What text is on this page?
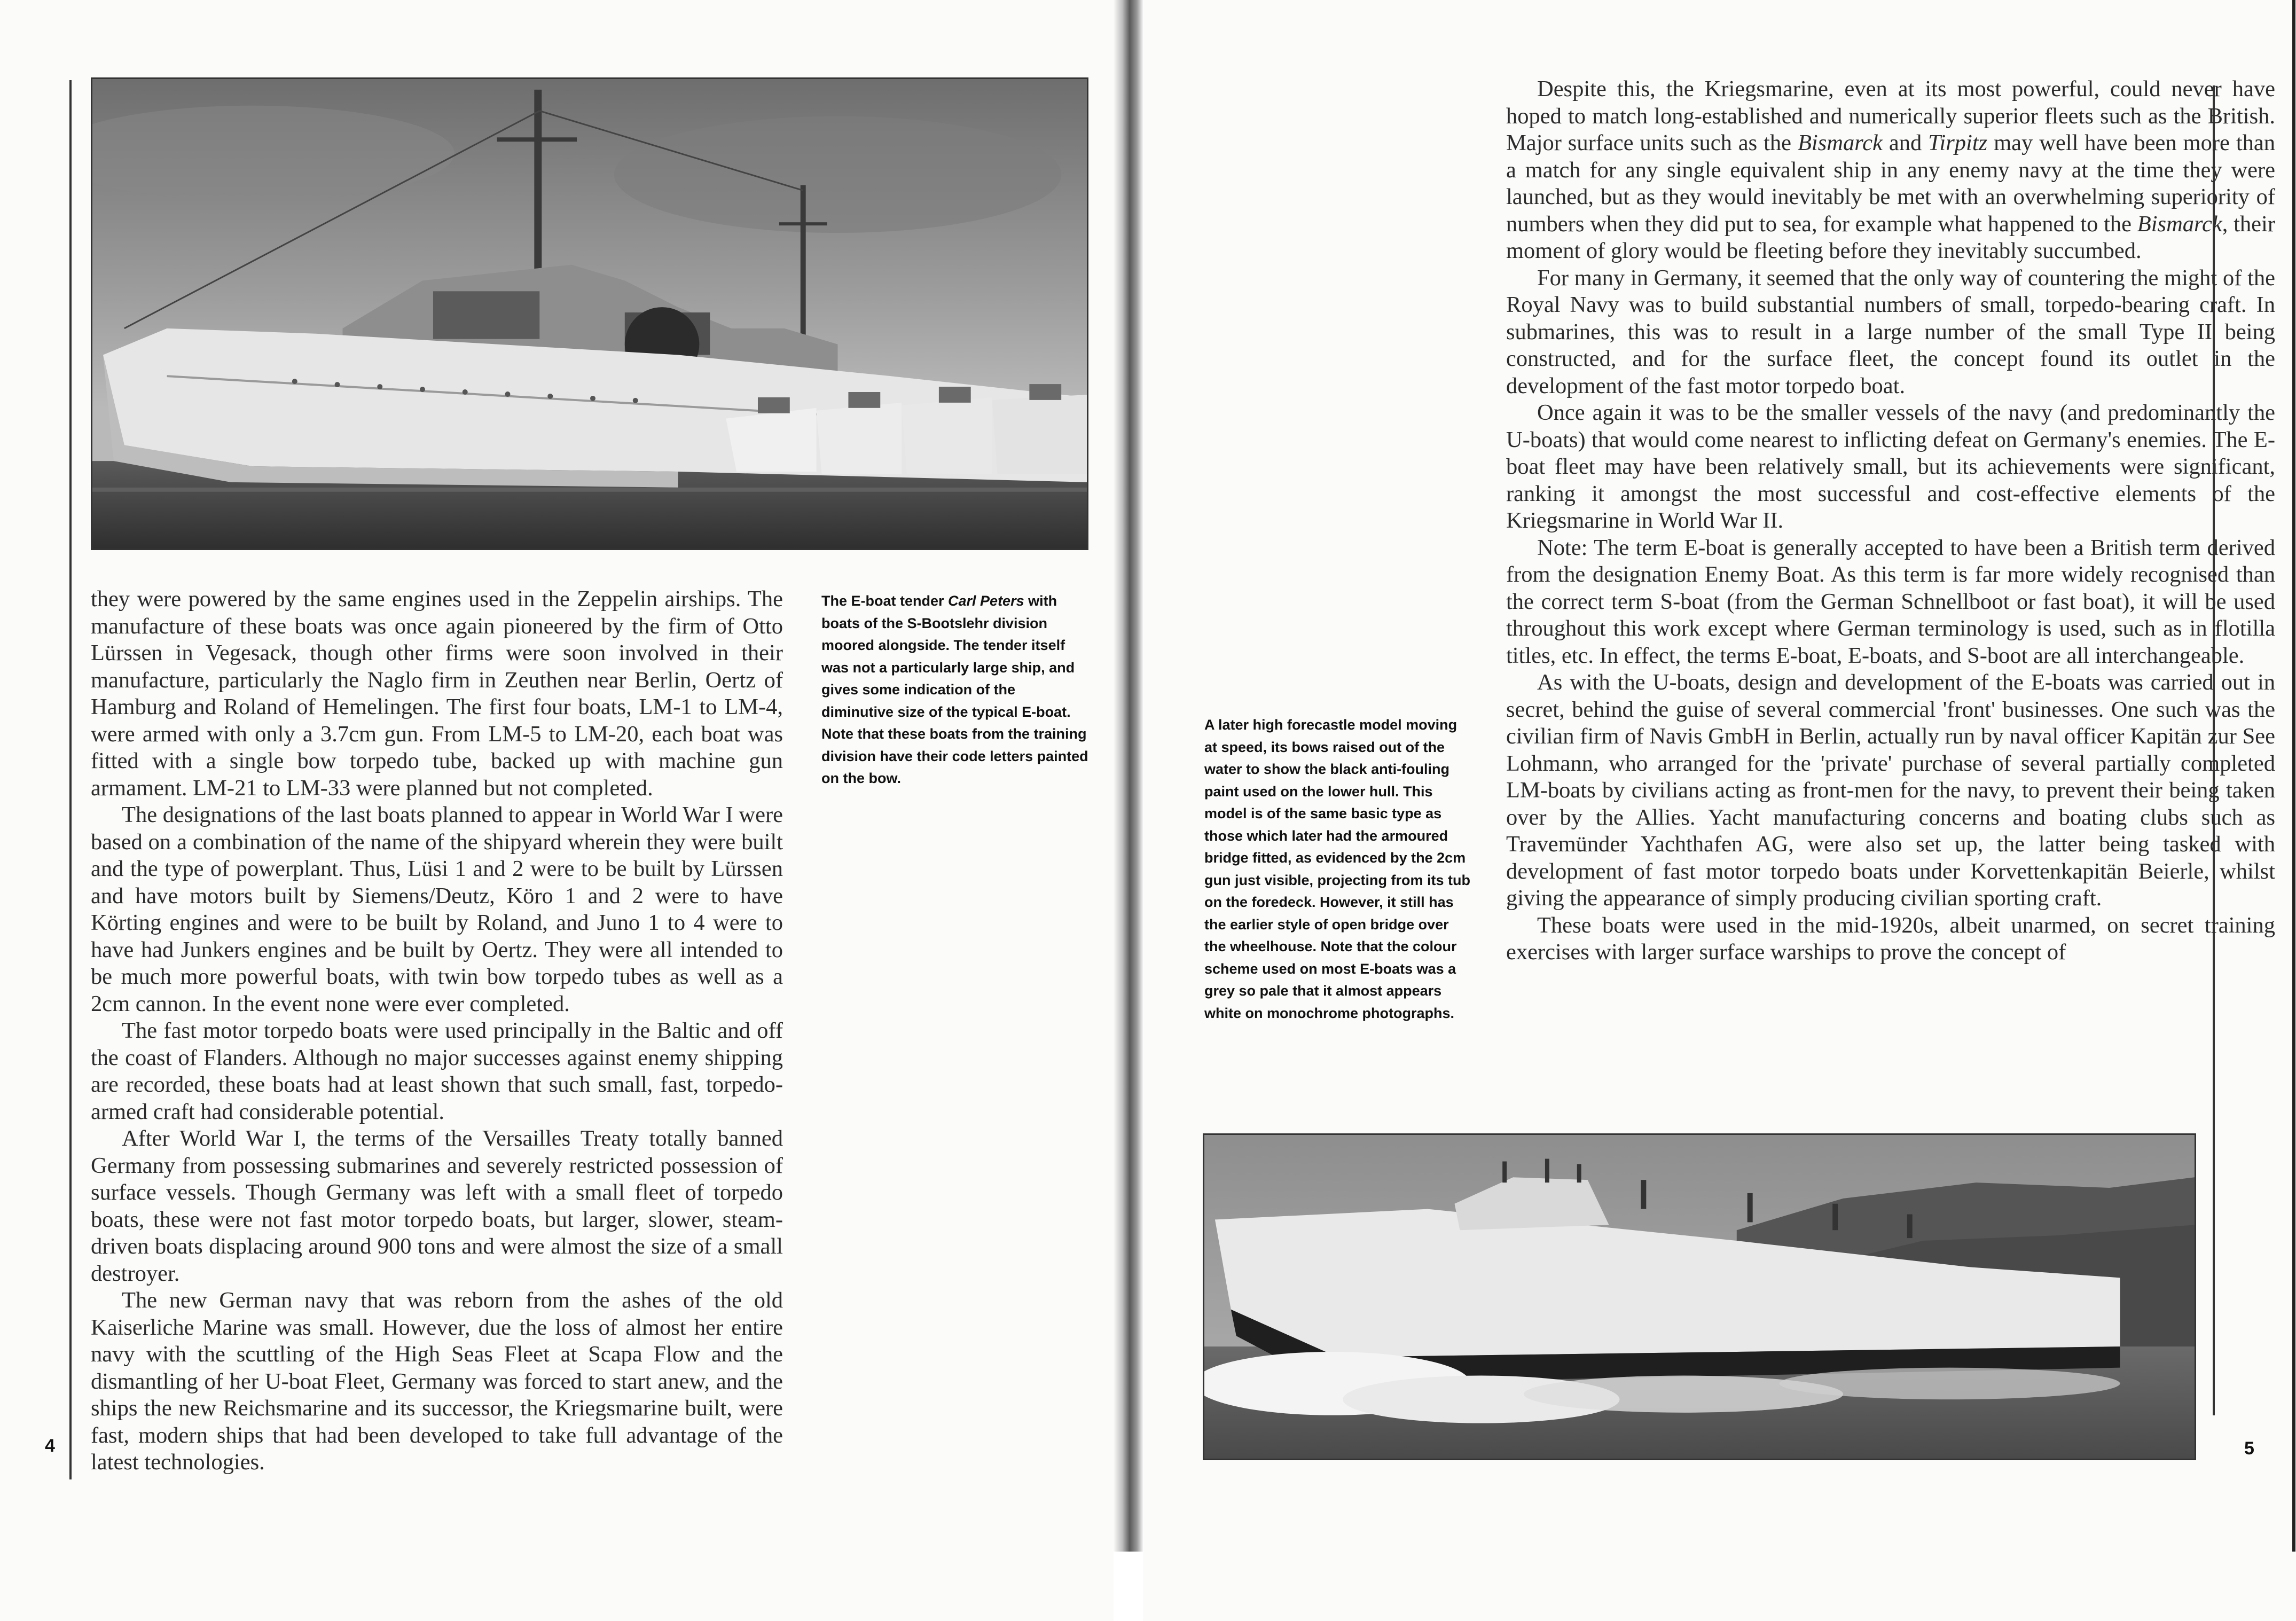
they were powered by the same engines used in the Zeppelin airships. The manufacture of these boats was once again pioneered by the firm of Otto Lürssen in Vegesack, though other firms were soon involved in their manufacture, particularly the Naglo firm in Zeuthen near Berlin, Oertz of Hamburg and Roland of Hemelingen. The first four boats, LM-1 to LM-4, were armed with only a 3.7cm gun. From LM-5 to LM-20, each boat was fitted with a single bow torpedo tube, backed up with machine gun armament. LM-21 to LM-33 were planned but not completed.

The designations of the last boats planned to appear in World War I were based on a combination of the name of the shipyard wherein they were built and the type of powerplant. Thus, Lüsi 1 and 2 were to be built by Lürssen and have motors built by Siemens/Deutz, Köro 1 and 2 were to have Körting engines and were to be built by Roland, and Juno 1 to 4 were to have had Junkers engines and be built by Oertz. They were all intended to be much more powerful boats, with twin bow torpedo tubes as well as a 2cm cannon. In the event none were ever completed.

The fast motor torpedo boats were used principally in the Baltic and off the coast of Flanders. Although no major successes against enemy shipping are recorded, these boats had at least shown that such small, fast, torpedo-armed craft had considerable potential.

After World War I, the terms of the Versailles Treaty totally banned Germany from possessing submarines and severely restricted possession of surface vessels. Though Germany was left with a small fleet of torpedo boats, these were not fast motor torpedo boats, but larger, slower, steam-driven boats displacing around 900 tons and were almost the size of a small destroyer.

The new German navy that was reborn from the ashes of the old Kaiserliche Marine was small. However, due the loss of almost her entire navy with the scuttling of the High Seas Fleet at Scapa Flow and the dismantling of her U-boat Fleet, Germany was forced to start anew, and the ships the new Reichsmarine and its successor, the Kriegsmarine built, were fast, modern ships that had been developed to take full advantage of the latest technologies.

The E-boat tender Carl Peters with boats of the S-Bootslehr division moored alongside. The tender itself was not a particularly large ship, and gives some indication of the diminutive size of the typical E-boat. Note that these boats from the training division have their code letters painted on the bow.
4

Despite this, the Kriegsmarine, even at its most powerful, could never have hoped to match long-established and numerically superior fleets such as the British. Major surface units such as the Bismarck and Tirpitz may well have been more than a match for any single equivalent ship in any enemy navy at the time they were launched, but as they would inevitably be met with an overwhelming superiority of numbers when they did put to sea, for example what happened to the Bismarck, their moment of glory would be fleeting before they inevitably succumbed.

For many in Germany, it seemed that the only way of countering the might of the Royal Navy was to build substantial numbers of small, torpedo-bearing craft. In submarines, this was to result in a large number of the small Type II being constructed, and for the surface fleet, the concept found its outlet in the development of the fast motor torpedo boat.

Once again it was to be the smaller vessels of the navy (and predominantly the U-boats) that would come nearest to inflicting defeat on Germany's enemies. The E-boat fleet may have been relatively small, but its achievements were significant, ranking it amongst the most successful and cost-effective elements of the Kriegsmarine in World War II.

Note: The term E-boat is generally accepted to have been a British term derived from the designation Enemy Boat. As this term is far more widely recognised than the correct term S-boat (from the German Schnellboot or fast boat), it will be used throughout this work except where German terminology is used, such as in flotilla titles, etc. In effect, the terms E-boat, E-boats, and S-boot are all interchangeable.

As with the U-boats, design and development of the E-boats was carried out in secret, behind the guise of several commercial 'front' businesses. One such was the civilian firm of Navis GmbH in Berlin, actually run by naval officer Kapitän zur See Lohmann, who arranged for the 'private' purchase of several partially completed LM-boats by civilians acting as front-men for the navy, to prevent their being taken over by the Allies. Yacht manufacturing concerns and boating clubs such as Travemünder Yachthafen AG, were also set up, the latter being tasked with development of fast motor torpedo boats under Korvettenkapitän Beierle, whilst giving the appearance of simply producing civilian sporting craft.

These boats were used in the mid-1920s, albeit unarmed, on secret training exercises with larger surface warships to prove the concept of

A later high forecastle model moving at speed, its bows raised out of the water to show the black anti-fouling paint used on the lower hull. This model is of the same basic type as those which later had the armoured bridge fitted, as evidenced by the 2cm gun just visible, projecting from its tub on the foredeck. However, it still has the earlier style of open bridge over the wheelhouse. Note that the colour scheme used on most E-boats was a grey so pale that it almost appears white on monochrome photographs.
5
